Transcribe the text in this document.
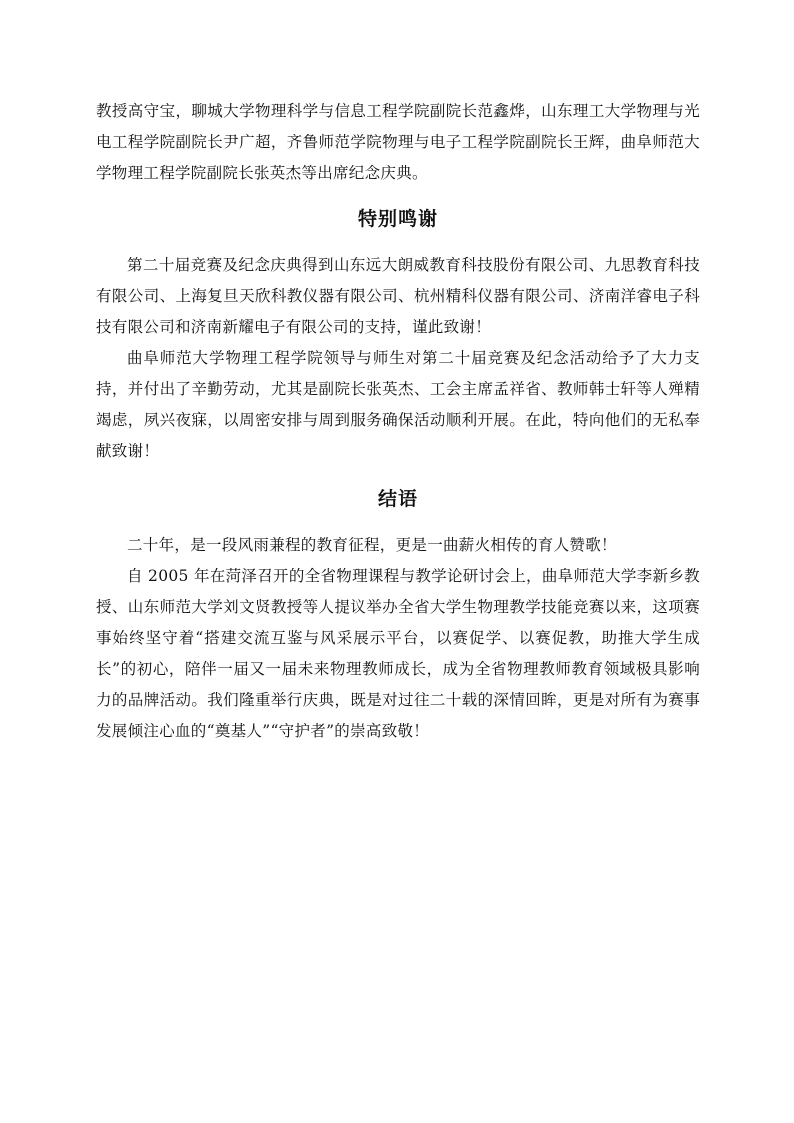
教授高守宝，聊城大学物理科学与信息工程学院副院长范鑫烨，山东理工大学物理与光电工程学院副院长尹广超，齐鲁师范学院物理与电子工程学院副院长王辉，曲阜师范大学物理工程学院副院长张英杰等出席纪念庆典。

特别鸣谢

第二十届竞赛及纪念庆典得到山东远大朗威教育科技股份有限公司、九思教育科技有限公司、上海复旦天欣科教仪器有限公司、杭州精科仪器有限公司、济南洋睿电子科技有限公司和济南新耀电子有限公司的支持，谨此致谢！

曲阜师范大学物理工程学院领导与师生对第二十届竞赛及纪念活动给予了大力支持，并付出了辛勤劳动，尤其是副院长张英杰、工会主席孟祥省、教师韩士轩等人殚精竭虑，夙兴夜寐，以周密安排与周到服务确保活动顺利开展。在此，特向他们的无私奉献致谢！

结语

二十年，是一段风雨兼程的教育征程，更是一曲薪火相传的育人赞歌！

自 2005 年在菏泽召开的全省物理课程与教学论研讨会上，曲阜师范大学李新乡教授、山东师范大学刘文贤教授等人提议举办全省大学生物理教学技能竞赛以来，这项赛事始终坚守着“搭建交流互鉴与风采展示平台，以赛促学、以赛促教，助推大学生成长”的初心，陪伴一届又一届未来物理教师成长，成为全省物理教师教育领域极具影响力的品牌活动。我们隆重举行庆典，既是对过往二十载的深情回眸，更是对所有为赛事发展倾注心血的“奠基人”“守护者”的崇高致敬！
